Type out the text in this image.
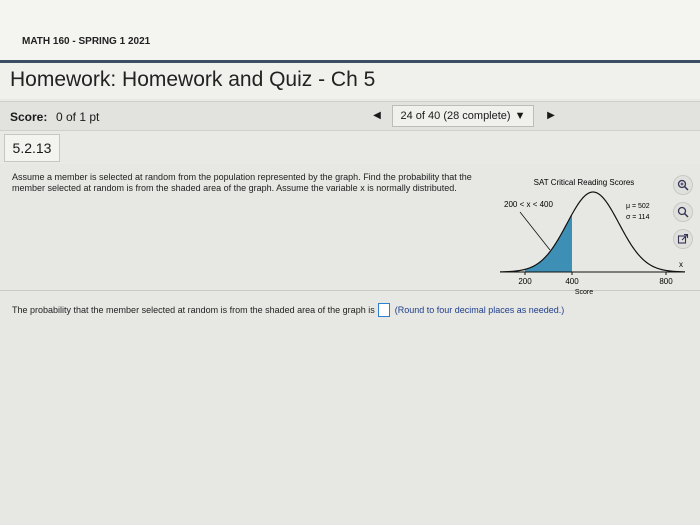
MATH 160 - SPRING 1 2021
Homework: Homework and Quiz - Ch 5
Score: 0 of 1 pt	◀ 24 of 40 (28 complete) ▼ ▶
5.2.13
Assume a member is selected at random from the population represented by the graph. Find the probability that the member selected at random is from the shaded area of the graph. Assume the variable x is normally distributed.
SAT Critical Reading Scores
200 < x < 400	μ = 502
σ = 114
200	400	800
Score
x
The probability that the member selected at random is from the shaded area of the graph is (Round to four decimal places as needed.)
